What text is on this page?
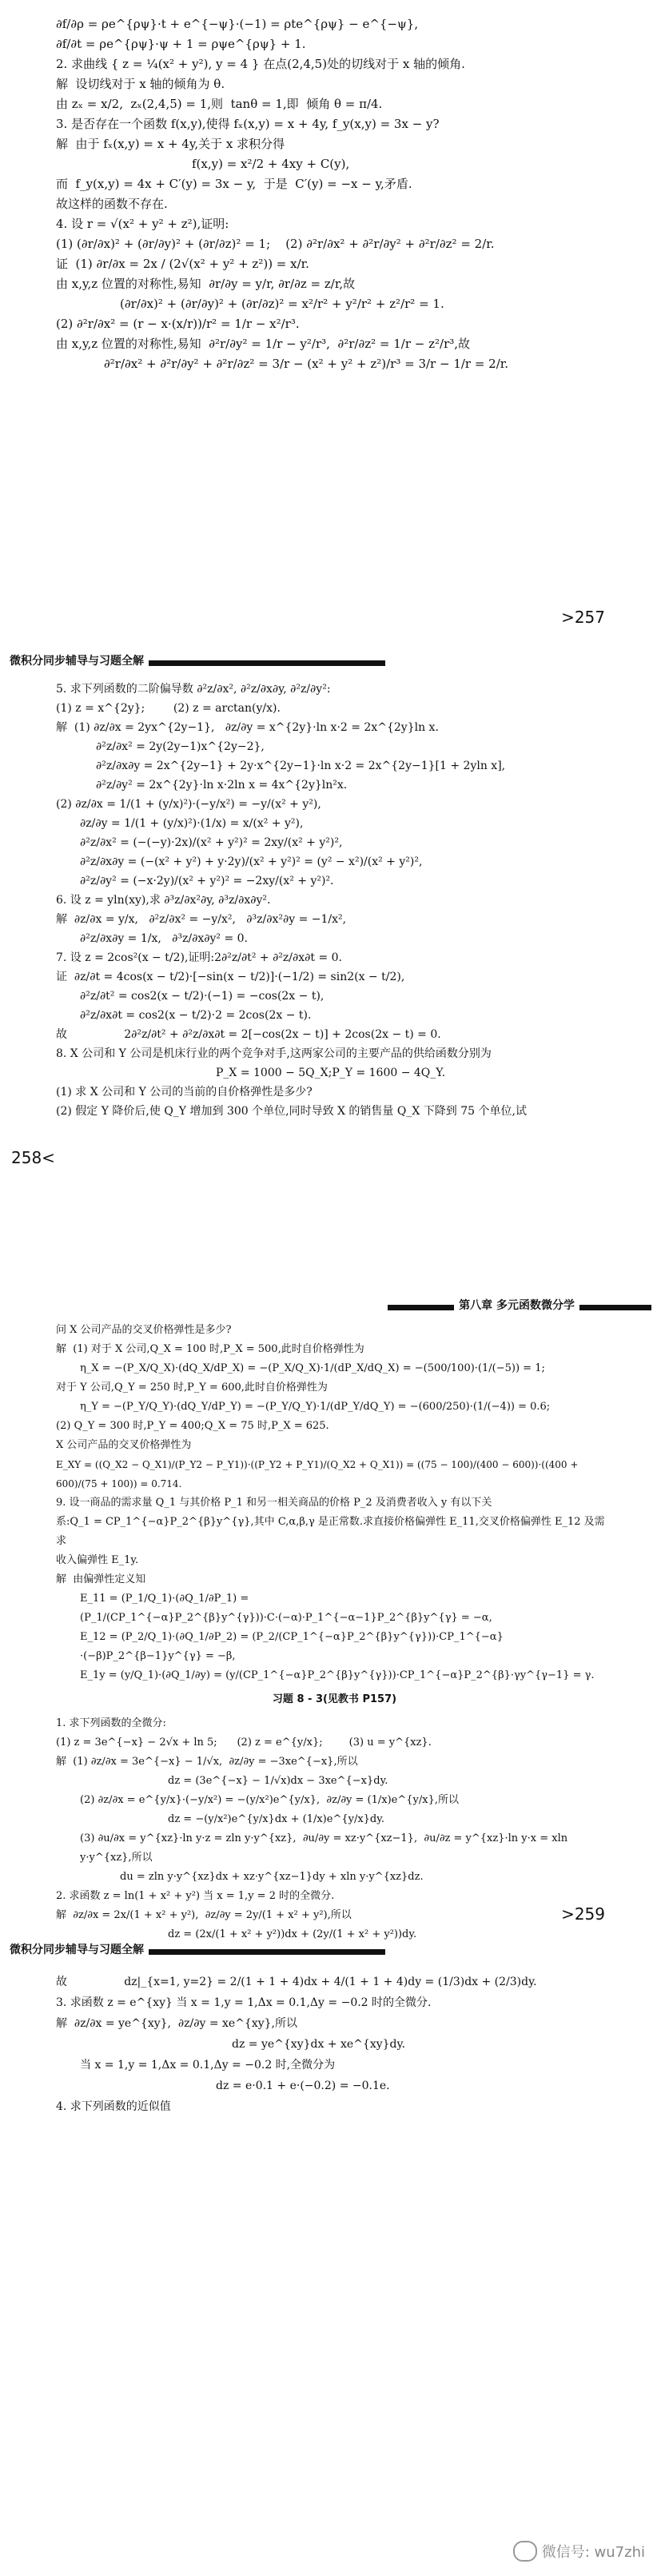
∂f/∂ρ = ρe^{ρψ}·t + e^{−ψ}·(−1) = ρte^{ρψ} − e^{−ψ},

∂f/∂t = ρe^{ρψ}·ψ + 1 = ρψe^{ρψ} + 1.

2. 求曲线 { z = ¼(x² + y²), y = 4 } 在点(2,4,5)处的切线对于 x 轴的倾角.

解  设切线对于 x 轴的倾角为 θ.

由 zₓ = x/2,  zₓ(2,4,5) = 1,则  tanθ = 1,即  倾角 θ = π/4.

3. 是否存在一个函数 f(x,y),使得 fₓ(x,y) = x + 4y, f_y(x,y) = 3x − y?

解  由于 fₓ(x,y) = x + 4y,关于 x 求积分得

f(x,y) = x²/2 + 4xy + C(y),

而  f_y(x,y) = 4x + C′(y) = 3x − y,  于是  C′(y) = −x − y,矛盾.

故这样的函数不存在.

4. 设 r = √(x² + y² + z²),证明:

(1) (∂r/∂x)² + (∂r/∂y)² + (∂r/∂z)² = 1;    (2) ∂²r/∂x² + ∂²r/∂y² + ∂²r/∂z² = 2/r.

证  (1) ∂r/∂x = 2x / (2√(x² + y² + z²)) = x/r.

由 x,y,z 位置的对称性,易知  ∂r/∂y = y/r, ∂r/∂z = z/r,故

(∂r/∂x)² + (∂r/∂y)² + (∂r/∂z)² = x²/r² + y²/r² + z²/r² = 1.

(2) ∂²r/∂x² = (r − x·(x/r))/r² = 1/r − x²/r³.

由 x,y,z 位置的对称性,易知  ∂²r/∂y² = 1/r − y²/r³,  ∂²r/∂z² = 1/r − z²/r³,故

∂²r/∂x² + ∂²r/∂y² + ∂²r/∂z² = 3/r − (x² + y² + z²)/r³ = 3/r − 1/r = 2/r.

>257
微积分同步辅导与习题全解

5. 求下列函数的二阶偏导数 ∂²z/∂x², ∂²z/∂x∂y, ∂²z/∂y²:

(1) z = x^{2y};        (2) z = arctan(y/x).

解  (1) ∂z/∂x = 2yx^{2y−1},   ∂z/∂y = x^{2y}·ln x·2 = 2x^{2y}ln x.

∂²z/∂x² = 2y(2y−1)x^{2y−2},

∂²z/∂x∂y = 2x^{2y−1} + 2y·x^{2y−1}·ln x·2 = 2x^{2y−1}[1 + 2yln x],

∂²z/∂y² = 2x^{2y}·ln x·2ln x = 4x^{2y}ln²x.

(2) ∂z/∂x = 1/(1 + (y/x)²)·(−y/x²) = −y/(x² + y²),

∂z/∂y = 1/(1 + (y/x)²)·(1/x) = x/(x² + y²),

∂²z/∂x² = (−(−y)·2x)/(x² + y²)² = 2xy/(x² + y²)²,

∂²z/∂x∂y = (−(x² + y²) + y·2y)/(x² + y²)² = (y² − x²)/(x² + y²)²,

∂²z/∂y² = (−x·2y)/(x² + y²)² = −2xy/(x² + y²)².

6. 设 z = yln(xy),求 ∂³z/∂x²∂y, ∂³z/∂x∂y².

解  ∂z/∂x = y/x,   ∂²z/∂x² = −y/x²,   ∂³z/∂x²∂y = −1/x²,

∂²z/∂x∂y = 1/x,   ∂³z/∂x∂y² = 0.

7. 设 z = 2cos²(x − t/2),证明:2∂²z/∂t² + ∂²z/∂x∂t = 0.

证  ∂z/∂t = 4cos(x − t/2)·[−sin(x − t/2)]·(−1/2) = sin2(x − t/2),

∂²z/∂t² = cos2(x − t/2)·(−1) = −cos(2x − t),

∂²z/∂x∂t = cos2(x − t/2)·2 = 2cos(2x − t).

故                2∂²z/∂t² + ∂²z/∂x∂t = 2[−cos(2x − t)] + 2cos(2x − t) = 0.

8. X 公司和 Y 公司是机床行业的两个竞争对手,这两家公司的主要产品的供给函数分别为

P_X = 1000 − 5Q_X;P_Y = 1600 − 4Q_Y.

(1) 求 X 公司和 Y 公司的当前的自价格弹性是多少?

(2) 假定 Y 降价后,使 Q_Y 增加到 300 个单位,同时导致 X 的销售量 Q_X 下降到 75 个单位,试

258<
第八章 多元函数微分学

问 X 公司产品的交叉价格弹性是多少?

解  (1) 对于 X 公司,Q_X = 100 时,P_X = 500,此时自价格弹性为

η_X = −(P_X/Q_X)·(dQ_X/dP_X) = −(P_X/Q_X)·1/(dP_X/dQ_X) = −(500/100)·(1/(−5)) = 1;

对于 Y 公司,Q_Y = 250 时,P_Y = 600,此时自价格弹性为

η_Y = −(P_Y/Q_Y)·(dQ_Y/dP_Y) = −(P_Y/Q_Y)·1/(dP_Y/dQ_Y) = −(600/250)·(1/(−4)) = 0.6;

(2) Q_Y = 300 时,P_Y = 400;Q_X = 75 时,P_X = 625.

X 公司产品的交叉价格弹性为

E_XY = ((Q_X2 − Q_X1)/(P_Y2 − P_Y1))·((P_Y2 + P_Y1)/(Q_X2 + Q_X1)) = ((75 − 100)/(400 − 600))·((400 + 600)/(75 + 100)) = 0.714.

9. 设一商品的需求量 Q_1 与其价格 P_1 和另一相关商品的价格 P_2 及消费者收入 y 有以下关

系:Q_1 = CP_1^{−α}P_2^{β}y^{γ},其中 C,α,β,γ 是正常数.求直接价格偏弹性 E_11,交叉价格偏弹性 E_12 及需求

收入偏弹性 E_1y.

解  由偏弹性定义知

E_11 = (P_1/Q_1)·(∂Q_1/∂P_1) = (P_1/(CP_1^{−α}P_2^{β}y^{γ}))·C·(−α)·P_1^{−α−1}P_2^{β}y^{γ} = −α,

E_12 = (P_2/Q_1)·(∂Q_1/∂P_2) = (P_2/(CP_1^{−α}P_2^{β}y^{γ}))·CP_1^{−α}·(−β)P_2^{β−1}y^{γ} = −β,

E_1y = (y/Q_1)·(∂Q_1/∂y) = (y/(CP_1^{−α}P_2^{β}y^{γ}))·CP_1^{−α}P_2^{β}·γy^{γ−1} = γ.

习题 8 - 3(见教书 P157)

1. 求下列函数的全微分:

(1) z = 3e^{−x} − 2√x + ln 5;      (2) z = e^{y/x};        (3) u = y^{xz}.

解  (1) ∂z/∂x = 3e^{−x} − 1/√x,  ∂z/∂y = −3xe^{−x},所以

dz = (3e^{−x} − 1/√x)dx − 3xe^{−x}dy.

(2) ∂z/∂x = e^{y/x}·(−y/x²) = −(y/x²)e^{y/x},  ∂z/∂y = (1/x)e^{y/x},所以

dz = −(y/x²)e^{y/x}dx + (1/x)e^{y/x}dy.

(3) ∂u/∂x = y^{xz}·ln y·z = zln y·y^{xz},  ∂u/∂y = xz·y^{xz−1},  ∂u/∂z = y^{xz}·ln y·x = xln y·y^{xz},所以

du = zln y·y^{xz}dx + xz·y^{xz−1}dy + xln y·y^{xz}dz.

2. 求函数 z = ln(1 + x² + y²) 当 x = 1,y = 2 时的全微分.

解  ∂z/∂x = 2x/(1 + x² + y²),  ∂z/∂y = 2y/(1 + x² + y²),所以

dz = (2x/(1 + x² + y²))dx + (2y/(1 + x² + y²))dy.

>259
微积分同步辅导与习题全解

故                dz|_{x=1, y=2} = 2/(1 + 1 + 4)dx + 4/(1 + 1 + 4)dy = (1/3)dx + (2/3)dy.

3. 求函数 z = e^{xy} 当 x = 1,y = 1,Δx = 0.1,Δy = −0.2 时的全微分.

解  ∂z/∂x = ye^{xy},  ∂z/∂y = xe^{xy},所以

dz = ye^{xy}dx + xe^{xy}dy.

当 x = 1,y = 1,Δx = 0.1,Δy = −0.2 时,全微分为

dz = e·0.1 + e·(−0.2) = −0.1e.

4. 求下列函数的近似值

微信号: wu7zhi
